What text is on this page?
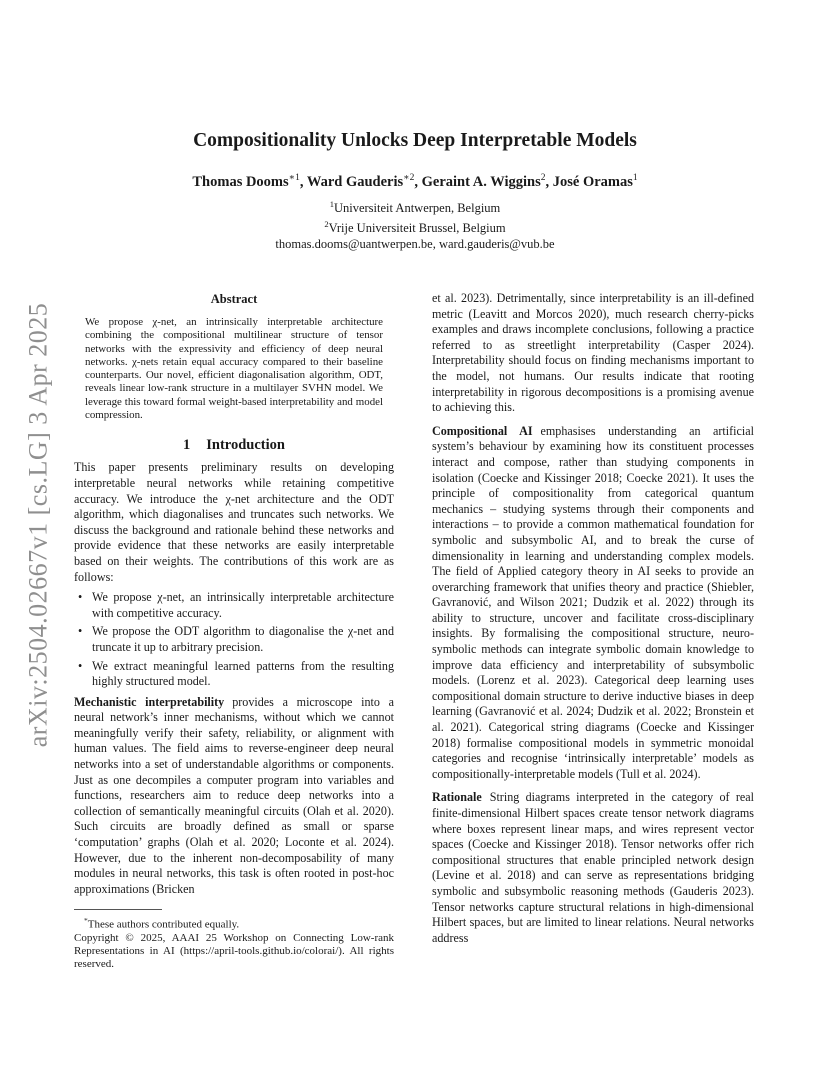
arXiv:2504.02667v1 [cs.LG] 3 Apr 2025
Compositionality Unlocks Deep Interpretable Models
Thomas Dooms$^{∗1}$, Ward Gauderis$^{∗2}$, Geraint A. Wiggins$^2$, José Oramas$^1$
$^1$Universiteit Antwerpen, Belgium
$^2$Vrije Universiteit Brussel, Belgium
thomas.dooms@uantwerpen.be, ward.gauderis@vub.be
Abstract

We propose χ-net, an intrinsically interpretable architecture combining the compositional multilinear structure of tensor networks with the expressivity and efficiency of deep neural networks. χ-nets retain equal accuracy compared to their baseline counterparts. Our novel, efficient diagonalisation algorithm, ODT, reveals linear low-rank structure in a multilayer SVHN model. We leverage this toward formal weight-based interpretability and model compression.

1 Introduction

This paper presents preliminary results on developing interpretable neural networks while retaining competitive accuracy. We introduce the χ-net architecture and the ODT algorithm, which diagonalises and truncates such networks. We discuss the background and rationale behind these networks and provide evidence that these networks are easily interpretable based on their weights. The contributions of this work are as follows:

• We propose χ-net, an intrinsically interpretable architecture with competitive accuracy.
• We propose the ODT algorithm to diagonalise the χ-net and truncate it up to arbitrary precision.
• We extract meaningful learned patterns from the resulting highly structured model.

Mechanistic interpretability provides a microscope into a neural network’s inner mechanisms, without which we cannot meaningfully verify their safety, reliability, or alignment with human values. The field aims to reverse-engineer deep neural networks into a set of understandable algorithms or components. Just as one decompiles a computer program into variables and functions, researchers aim to reduce deep networks into a collection of semantically meaningful circuits (Olah et al. 2020). Such circuits are broadly defined as small or sparse ‘computation’ graphs (Olah et al. 2020; Loconte et al. 2024). However, due to the inherent non-decomposability of many modules in neural networks, this task is often rooted in post-hoc approximations (Bricken

*These authors contributed equally.

Copyright © 2025, AAAI 25 Workshop on Connecting Low-rank Representations in AI (https://april-tools.github.io/colorai/). All rights reserved.

et al. 2023). Detrimentally, since interpretability is an ill-defined metric (Leavitt and Morcos 2020), much research cherry-picks examples and draws incomplete conclusions, following a practice referred to as streetlight interpretability (Casper 2024). Interpretability should focus on finding mechanisms important to the model, not humans. Our results indicate that rooting interpretability in rigorous decompositions is a promising avenue to achieving this.

Compositional AI emphasises understanding an artificial system’s behaviour by examining how its constituent processes interact and compose, rather than studying components in isolation (Coecke and Kissinger 2018; Coecke 2021). It uses the principle of compositionality from categorical quantum mechanics – studying systems through their components and interactions – to provide a common mathematical foundation for symbolic and subsymbolic AI, and to break the curse of dimensionality in learning and understanding complex models. The field of Applied category theory in AI seeks to provide an overarching framework that unifies theory and practice (Shiebler, Gavranović, and Wilson 2021; Dudzik et al. 2022) through its ability to structure, uncover and facilitate cross-disciplinary insights. By formalising the compositional structure, neuro-symbolic methods can integrate symbolic domain knowledge to improve data efficiency and interpretability of subsymbolic models. (Lorenz et al. 2023). Categorical deep learning uses compositional domain structure to derive inductive biases in deep learning (Gavranović et al. 2024; Dudzik et al. 2022; Bronstein et al. 2021). Categorical string diagrams (Coecke and Kissinger 2018) formalise compositional models in symmetric monoidal categories and recognise ‘intrinsically interpretable’ models as compositionally-interpretable models (Tull et al. 2024).

Rationale String diagrams interpreted in the category of real finite-dimensional Hilbert spaces create tensor network diagrams where boxes represent linear maps, and wires represent vector spaces (Coecke and Kissinger 2018). Tensor networks offer rich compositional structures that enable principled network design (Levine et al. 2018) and can serve as representations bridging symbolic and subsymbolic reasoning methods (Gauderis 2023). Tensor networks capture structural relations in high-dimensional Hilbert spaces, but are limited to linear relations. Neural networks address
